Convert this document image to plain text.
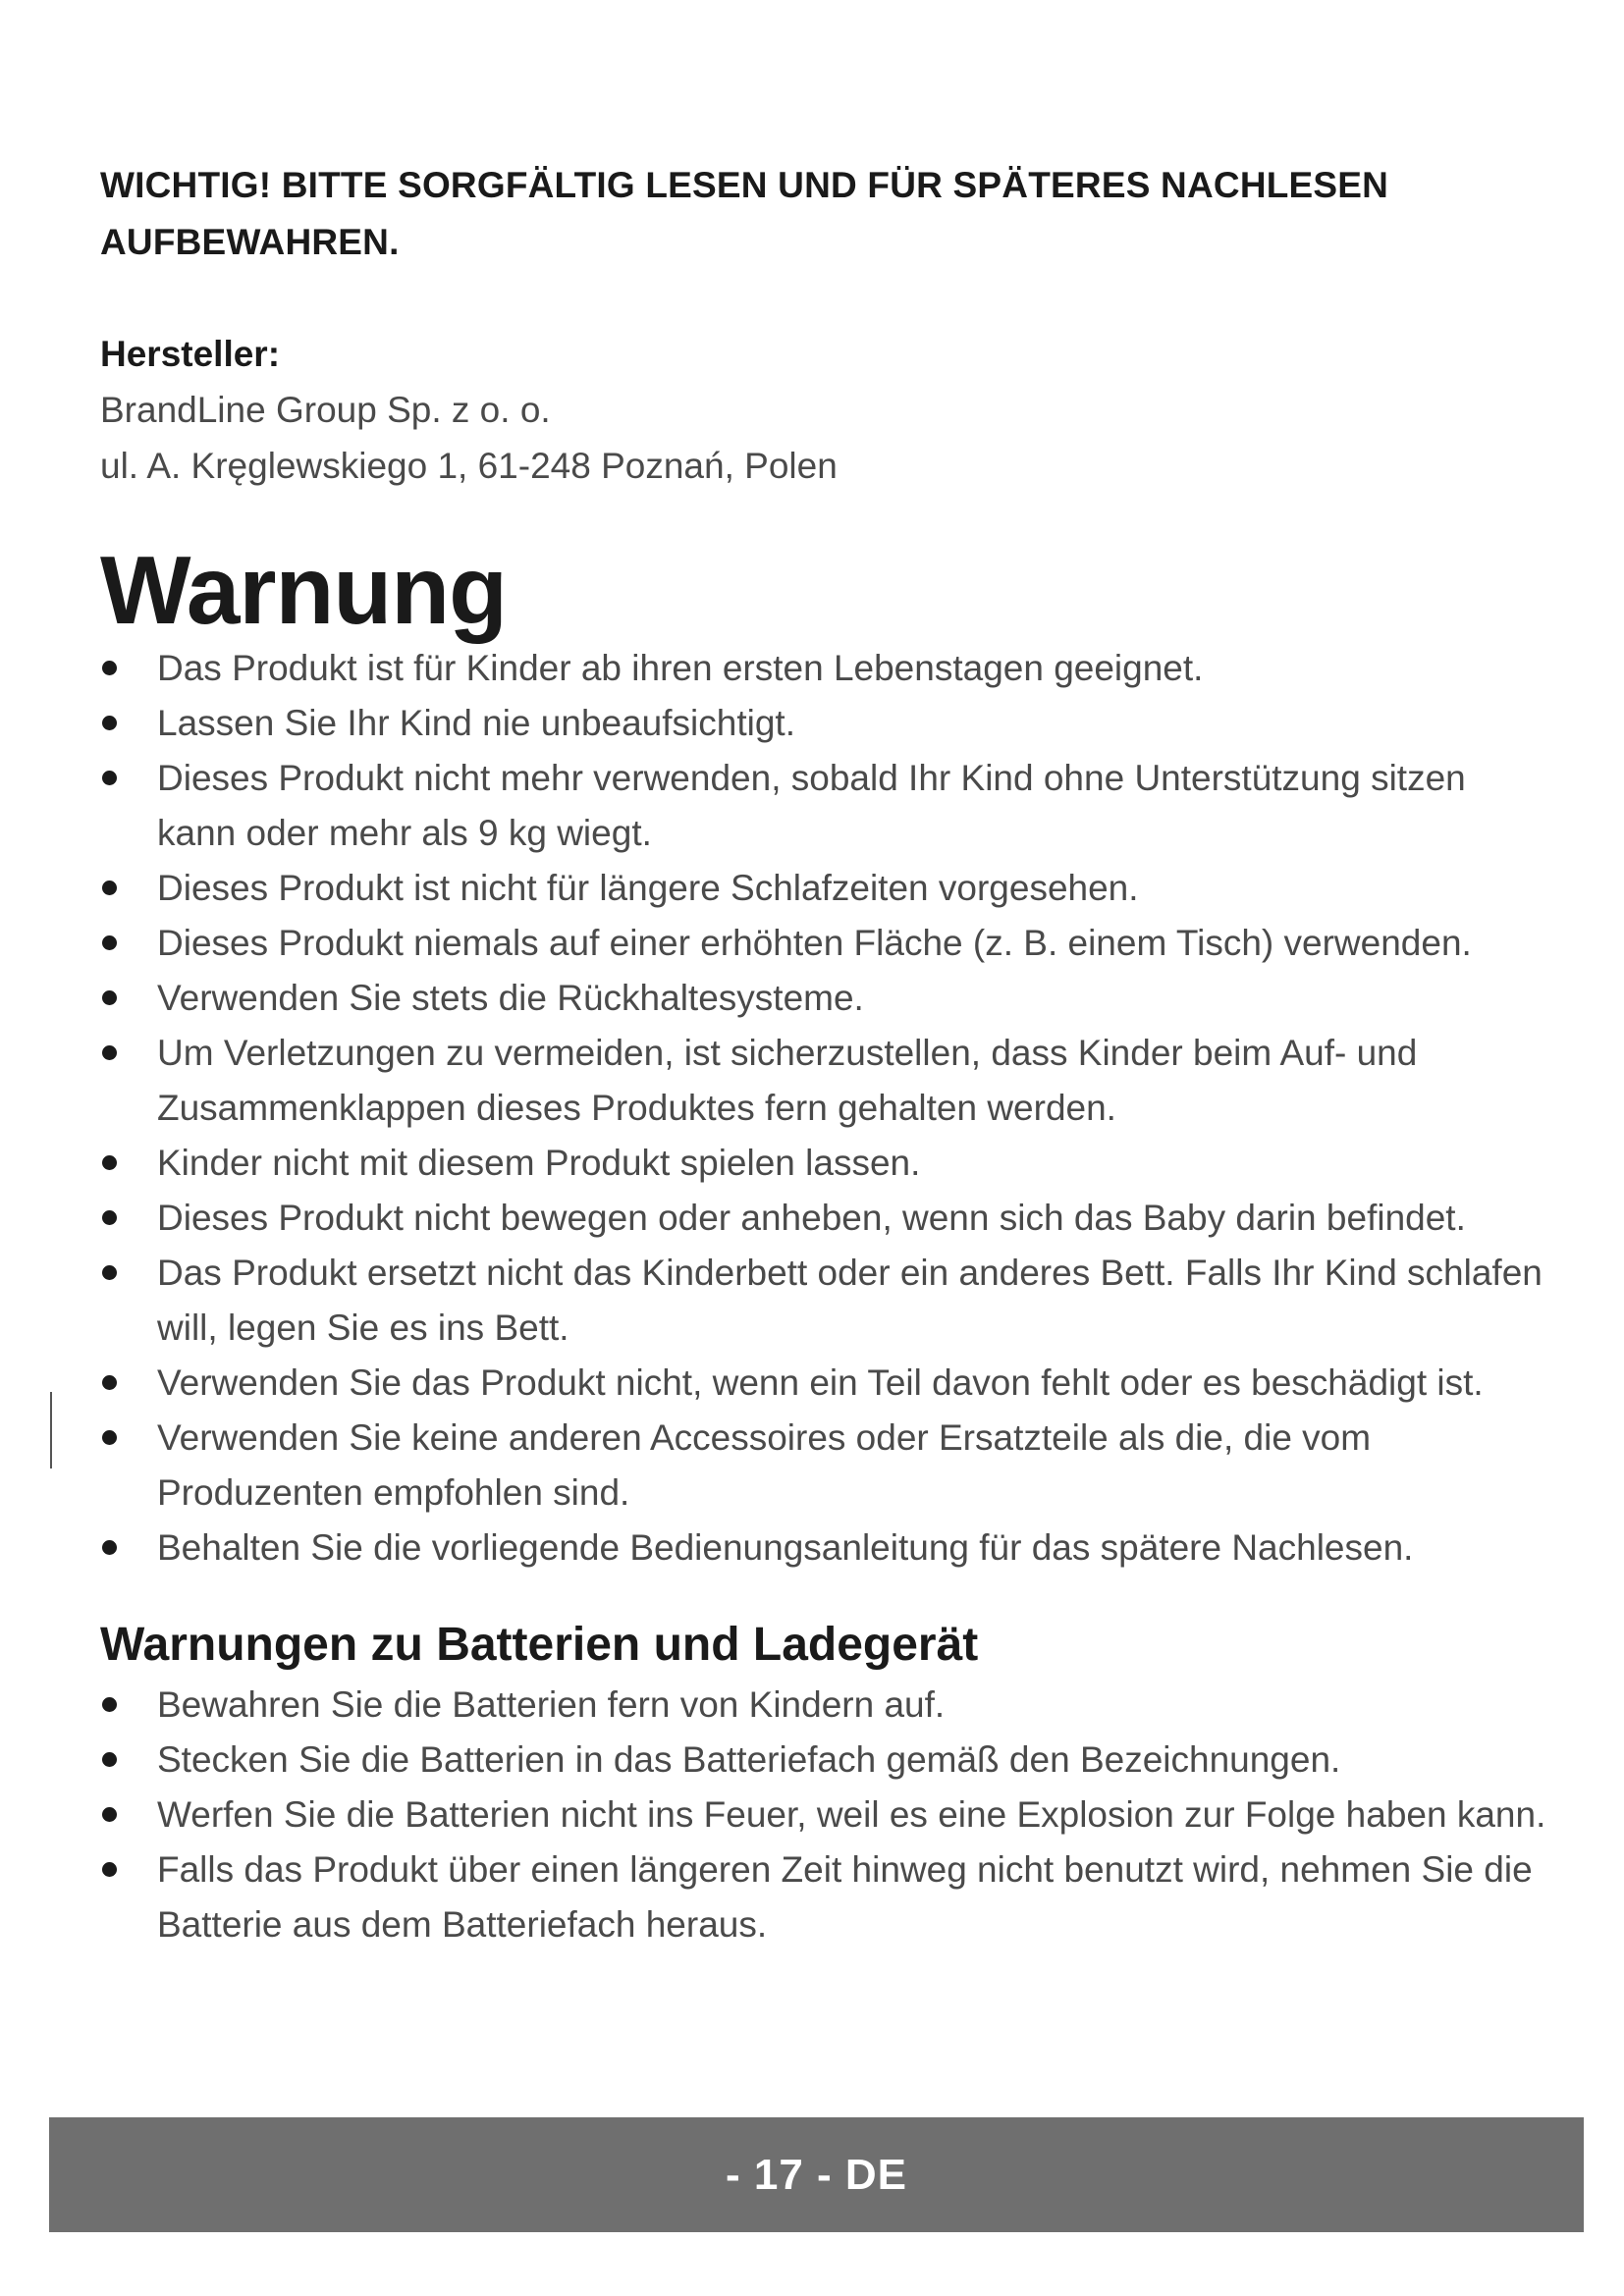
WICHTIG! BITTE SORGFÄLTIG LESEN UND FÜR SPÄTERES NACHLESEN AUFBEWAHREN.

Hersteller:

BrandLine Group Sp. z o. o.

ul. A. Kręglewskiego 1, 61-248 Poznań, Polen

Warnung
Das Produkt ist für Kinder ab ihren ersten Lebenstagen geeignet.
Lassen Sie Ihr Kind nie unbeaufsichtigt.
Dieses Produkt nicht mehr verwenden, sobald Ihr Kind ohne Unterstützung sitzen kann oder mehr als 9 kg wiegt.
Dieses Produkt ist nicht für längere Schlafzeiten vorgesehen.
Dieses Produkt niemals auf einer erhöhten Fläche (z. B. einem Tisch) verwenden.
Verwenden Sie stets die Rückhaltesysteme.
Um Verletzungen zu vermeiden, ist sicherzustellen, dass Kinder beim Auf- und Zusammenklappen dieses Produktes fern gehalten werden.
Kinder nicht mit diesem Produkt spielen lassen.
Dieses Produkt nicht bewegen oder anheben, wenn sich das Baby darin befindet.
Das Produkt ersetzt nicht das Kinderbett oder ein anderes Bett. Falls Ihr Kind schlafen will, legen Sie es ins Bett.
Verwenden Sie das Produkt nicht, wenn ein Teil davon fehlt oder es beschädigt ist.
Verwenden Sie keine anderen Accessoires oder Ersatzteile als die, die vom Produzenten empfohlen sind.
Behalten Sie die vorliegende Bedienungsanleitung für das spätere Nachlesen.
Warnungen zu Batterien und Ladegerät
Bewahren Sie die Batterien fern von Kindern auf.
Stecken Sie die Batterien in das Batteriefach gemäß den Bezeichnungen.
Werfen Sie die Batterien nicht ins Feuer, weil es eine Explosion zur Folge haben kann.
Falls das Produkt über einen längeren Zeit hinweg nicht benutzt wird, nehmen Sie die Batterie aus dem Batteriefach heraus.
- 17 - DE
